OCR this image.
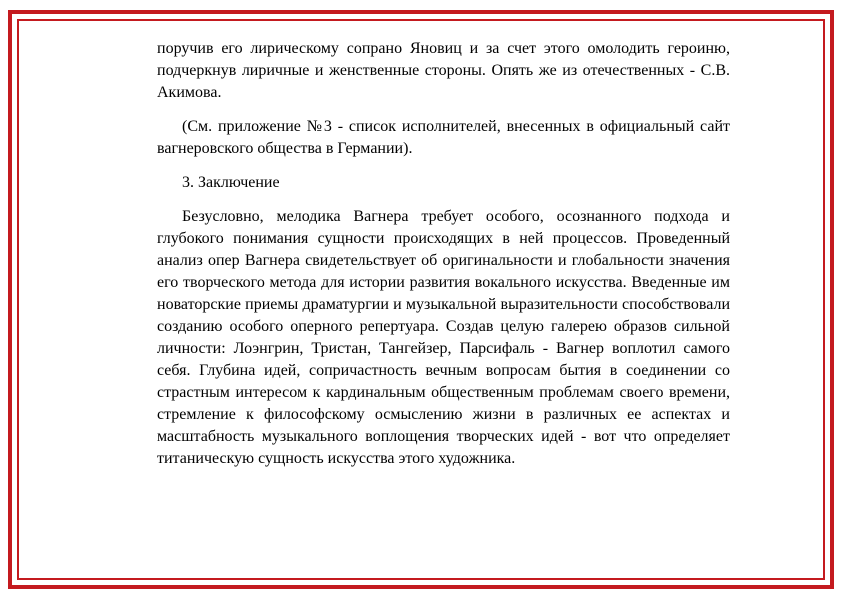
поручив его лирическому сопрано Яновиц и за счет этого омолодить героиню, подчеркнув лиричные и женственные стороны. Опять же из отечественных - С.В. Акимова.

(См. приложение №3 - список исполнителей, внесенных в официальный сайт вагнеровского общества в Германии).

3. Заключение

Безусловно, мелодика Вагнера требует особого, осознанного подхода и глубокого понимания сущности происходящих в ней процессов. Проведенный анализ опер Вагнера свидетельствует об оригинальности и глобальности значения его творческого метода для истории развития вокального искусства. Введенные им новаторские приемы драматургии и музыкальной выразительности способствовали созданию особого оперного репертуара. Создав целую галерею образов сильной личности: Лоэнгрин, Тристан, Тангейзер, Парсифаль - Вагнер воплотил самого себя. Глубина идей, сопричастность вечным вопросам бытия в соединении со страстным интересом к кардинальным общественным проблемам своего времени, стремление к философскому осмыслению жизни в различных ее аспектах и масштабность музыкального воплощения творческих идей - вот что определяет титаническую сущность искусства этого художника.
